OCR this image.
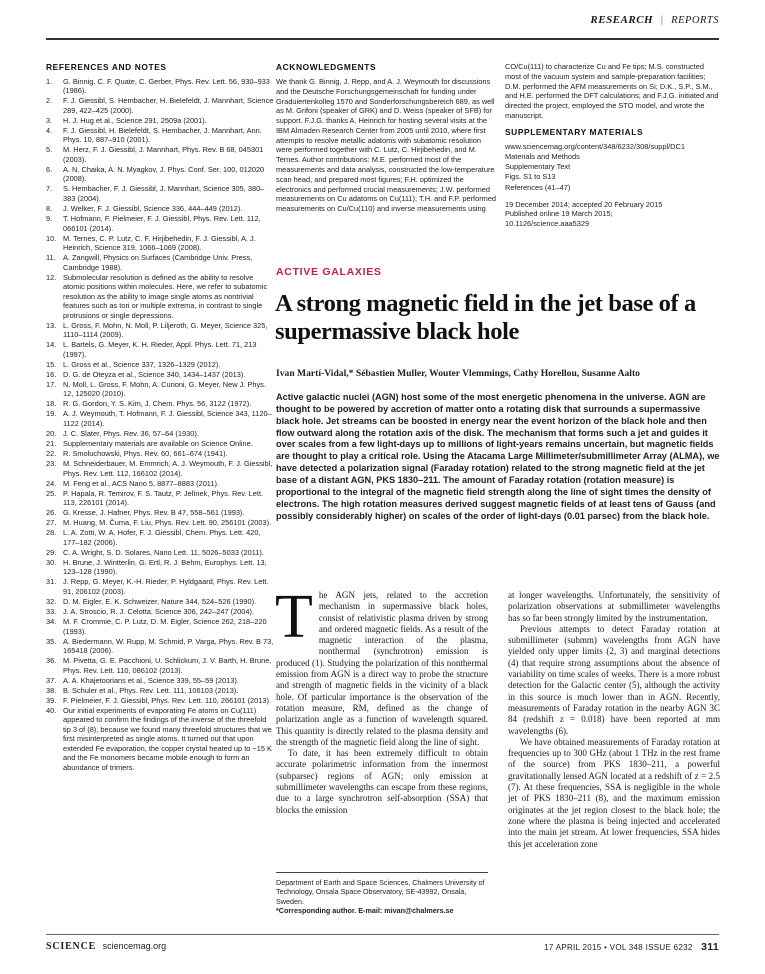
RESEARCH | REPORTS
REFERENCES AND NOTES
1.	G. Binnig, C. F. Quate, C. Gerber, Phys. Rev. Lett. 56, 930–933 (1986).
2.	F. J. Giessibl, S. Hembacher, H. Bielefeldt, J. Mannhart, Science 289, 422–425 (2000).
3.	H. J. Hug et al., Science 291, 2509a (2001).
4.	F. J. Giessibl, H. Bielefeldt, S. Hembacher, J. Mannhart, Ann. Phys. 10, 887–910 (2001).
5.	M. Herz, F. J. Giessibl, J. Mannhart, Phys. Rev. B 68, 045301 (2003).
6.	A. N. Chaika, A. N. Myagkov, J. Phys. Conf. Ser. 100, 012020 (2008).
7.	S. Hembacher, F. J. Giessibl, J. Mannhart, Science 305, 380–383 (2004).
8.	J. Welker, F. J. Giessibl, Science 336, 444–449 (2012).
9.	T. Hofmann, F. Pielmeier, F. J. Giessibl, Phys. Rev. Lett. 112, 066101 (2014).
10. M. Ternes, C. P. Lutz, C. F. Hirjibehedin, F. J. Giessibl, A. J. Heinrich, Science 319, 1066–1069 (2008).
11. A. Zangwill, Physics on Surfaces (Cambridge Univ. Press, Cambridge 1988).
12. Submolecular resolution is defined as the ability to resolve atomic positions within molecules. Here, we refer to subatomic resolution as the ability to image single atoms as nontrivial features such as tori or multiple extrema, in contrast to single protrusions or single depressions.
13. L. Gross, F. Mohn, N. Moll, P. Liljeroth, G. Meyer, Science 325, 1110–1114 (2009).
14. L. Bartels, G. Meyer, K. H. Rieder, Appl. Phys. Lett. 71, 213 (1997).
15. L. Gross et al., Science 337, 1326–1329 (2012).
16. D. G. de Oteyza et al., Science 340, 1434–1437 (2013).
17. N. Moll, L. Gross, F. Mohn, A. Curioni, G. Meyer, New J. Phys. 12, 125020 (2010).
18. R. G. Gordon, Y. S. Kim, J. Chem. Phys. 56, 3122 (1972).
19. A. J. Weymouth, T. Hofmann, F. J. Giessibl, Science 343, 1120–1122 (2014).
20. J. C. Slater, Phys. Rev. 36, 57–64 (1930).
21. Supplementary materials are available on Science Online.
22. R. Smoluchowski, Phys. Rev. 60, 661–674 (1941).
23. M. Schneiderbauer, M. Emmrich, A. J. Weymouth, F. J. Giessibl, Phys. Rev. Lett. 112, 166102 (2014).
24. M. Feng et al., ACS Nano 5, 8877–8883 (2011).
25. P. Hapala, R. Temirov, F. S. Tautz, P. Jelínek, Phys. Rev. Lett. 113, 226101 (2014).
26. G. Kresse, J. Hafner, Phys. Rev. B 47, 558–561 (1993).
27. M. Huang, M. Čuma, F. Liu, Phys. Rev. Lett. 90, 256101 (2003).
28. L. A. Zotti, W. A. Hofer, F. J. Giessibl, Chem. Phys. Lett. 420, 177–182 (2006).
29. C. A. Wright, S. D. Solares, Nano Lett. 11, 5026–5033 (2011).
30. H. Brune, J. Wintterlin, G. Ertl, R. J. Behm, Europhys. Lett. 13, 123–128 (1990).
31. J. Repp, G. Meyer, K.-H. Rieder, P. Hyldgaard, Phys. Rev. Lett. 91, 206102 (2003).
32. D. M. Eigler, E. K. Schweizer, Nature 344, 524–526 (1990).
33. J. A. Stroscio, R. J. Celotta, Science 306, 242–247 (2004).
34. M. F. Crommie, C. P. Lutz, D. M. Eigler, Science 262, 218–220 (1993).
35. A. Biedermann, W. Rupp, M. Schmid, P. Varga, Phys. Rev. B 73, 165418 (2006).
36. M. Pivetta, G. E. Pacchioni, U. Schlickum, J. V. Barth, H. Brune, Phys. Rev. Lett. 110, 086102 (2013).
37. A. A. Khajetoorians et al., Science 339, 55–59 (2013).
38. B. Schuler et al., Phys. Rev. Lett. 111, 106103 (2013).
39. F. Pielmeier, F. J. Giessibl, Phys. Rev. Lett. 110, 266101 (2013).
40. Our initial experiments of evaporating Fe atoms on Cu(111) appeared to confirm the findings of the inverse of the threefold tip 3 of (8), because we found many threefold structures that we first misinterpreted as single atoms. It turned out that upon extended Fe evaporation, the copper crystal heated up to ~15 K and the Fe monomers became mobile enough to form an abundance of trimers.
ACKNOWLEDGMENTS
We thank G. Binnig, J. Repp, and A. J. Weymouth for discussions and the Deutsche Forschungsgemeinschaft for funding under Graduiertenkolleg 1570 and Sonderforschungsbereich 689, as well as M. Grifoni (speaker of GRK) and D. Weiss (speaker of SFB) for support. F.J.G. thanks A. Heinrich for hosting several visits at the IBM Almaden Research Center from 2005 until 2010, where first attempts to resolve metallic adatoms with subatomic resolution were performed together with C. Lutz, C. Hirjibehedin, and M. Ternes. Author contributions: M.E. performed most of the measurements and data analysis, constructed the low-temperature scan head, and prepared most figures; F.H. optimized the electronics and performed crucial measurements; J.W. performed measurements on Cu adatoms on Cu(111); T.H. and F.P. performed measurements on Cu/Cu(110) and inverse measurements using
CO/Cu(111) to characterize Cu and Fe tips; M.S. constructed most of the vacuum system and sample-preparation facilities; D.M. performed the AFM measurements on Si; D.K., S.P., S.M., and H.E. performed the DFT calculations; and F.J.G. initiated and directed the project, employed the STO model, and wrote the manuscript.
SUPPLEMENTARY MATERIALS
www.sciencemag.org/content/348/6232/308/suppl/DC1
Materials and Methods
Supplementary Text
Figs. S1 to S13
References (41–47)
19 December 2014; accepted 20 February 2015
Published online 19 March 2015;
10.1126/science.aaa5329
ACTIVE GALAXIES
A strong magnetic field in the jet base of a supermassive black hole
Ivan Martí-Vidal,* Sébastien Muller, Wouter Vlemmings, Cathy Horellou, Susanne Aalto
Active galactic nuclei (AGN) host some of the most energetic phenomena in the universe. AGN are thought to be powered by accretion of matter onto a rotating disk that surrounds a supermassive black hole. Jet streams can be boosted in energy near the event horizon of the black hole and then flow outward along the rotation axis of the disk. The mechanism that forms such a jet and guides it over scales from a few light-days up to millions of light-years remains uncertain, but magnetic fields are thought to play a critical role. Using the Atacama Large Millimeter/submillimeter Array (ALMA), we have detected a polarization signal (Faraday rotation) related to the strong magnetic field at the jet base of a distant AGN, PKS 1830–211. The amount of Faraday rotation (rotation measure) is proportional to the integral of the magnetic field strength along the line of sight times the density of electrons. The high rotation measures derived suggest magnetic fields of at least tens of Gauss (and possibly considerably higher) on scales of the order of light-days (0.01 parsec) from the black hole.

The AGN jets, related to the accretion mechanism in supermassive black holes, consist of relativistic plasma driven by strong and ordered magnetic fields. As a result of the magnetic interaction of the plasma, nonthermal (synchrotron) emission is produced (1). Studying the polarization of this nonthermal emission from AGN is a direct way to probe the structure and strength of magnetic fields in the vicinity of a black hole. Of particular importance is the observation of the rotation measure, RM, defined as the change of polarization angle as a function of wavelength squared. This quantity is directly related to the plasma density and the strength of the magnetic field along the line of sight.

To date, it has been extremely difficult to obtain accurate polarimetric information from the innermost (subparsec) regions of AGN; only emission at submillimeter wavelengths can escape from these regions, due to a large synchrotron self-absorption (SSA) that blocks the emission

at longer wavelengths. Unfortunately, the sensitivity of polarization observations at submillimeter wavelengths has so far been strongly limited by the instrumentation.

Previous attempts to detect Faraday rotation at submillimeter (submm) wavelengths from AGN have yielded only upper limits (2, 3) and marginal detections (4) that require strong assumptions about the absence of variability on time scales of weeks. There is a more robust detection for the Galactic center (5), although the activity in this source is much lower than in AGN. Recently, measurements of Faraday rotation in the nearby AGN 3C 84 (redshift z = 0.018) have been reported at mm wavelengths (6).

We have obtained measurements of Faraday rotation at frequencies up to 300 GHz (about 1 THz in the rest frame of the source) from PKS 1830–211, a powerful gravitationally lensed AGN located at a redshift of z = 2.5 (7). At these frequencies, SSA is negligible in the whole jet of PKS 1830–211 (8), and the maximum emission originates at the jet region closest to the black hole; the zone where the plasma is being injected and accelerated into the main jet stream. At lower frequencies, SSA hides this jet acceleration zone

Department of Earth and Space Sciences, Chalmers University of Technology, Onsala Space Observatory, SE-43992, Onsala, Sweden.
*Corresponding author. E-mail: mivan@chalmers.se
SCIENCE sciencemag.org	17 APRIL 2015 • VOL 348 ISSUE 6232 311
